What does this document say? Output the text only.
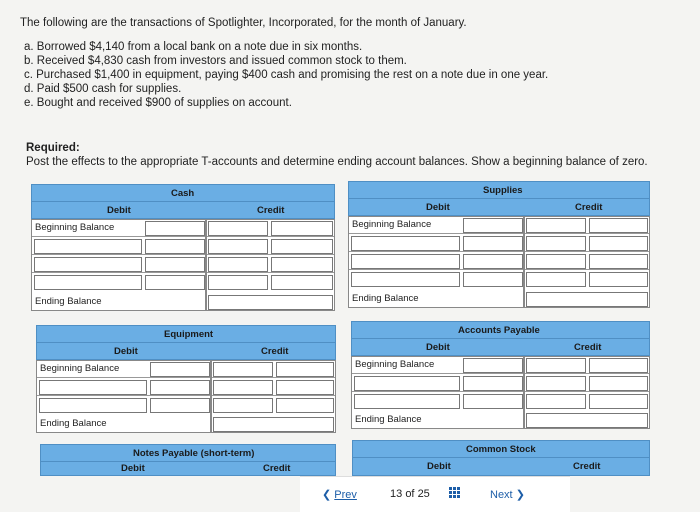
The following are the transactions of Spotlighter, Incorporated, for the month of January.

a. Borrowed $4,140 from a local bank on a note due in six months.
b. Received $4,830 cash from investors and issued common stock to them.
c. Purchased $1,400 in equipment, paying $400 cash and promising the rest on a note due in one year.
d. Paid $500 cash for supplies.
e. Bought and received $900 of supplies on account.
Required:
Post the effects to the appropriate T-accounts and determine ending account balances. Show a beginning balance of zero.
Cash
Debit	Credit
Beginning Balance
Ending Balance
Supplies
Debit	Credit
Beginning Balance
Ending Balance
Equipment
Debit	Credit
Beginning Balance
Ending Balance
Accounts Payable
Debit	Credit
Beginning Balance
Ending Balance
Notes Payable (short-term)
Debit	Credit
Common Stock
Debit	Credit
❮ Prev	13 of 25	Next ❯
